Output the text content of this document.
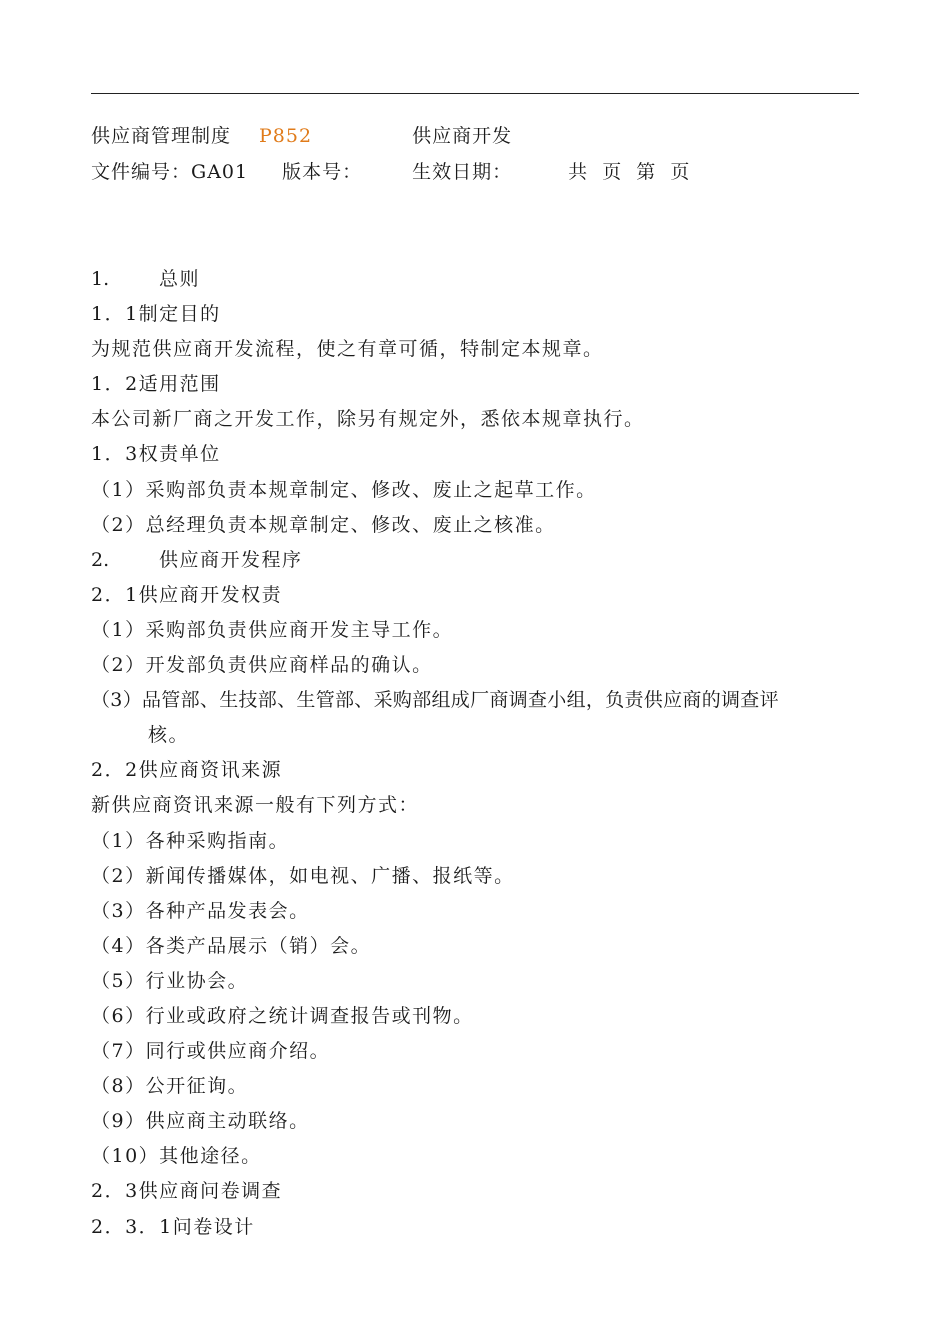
供应商管理制度 P852	供应商开发
文件编号：GA01 版本号：	生效日期：	共  页  第  页
1.	总则
1．1制定目的
为规范供应商开发流程，使之有章可循，特制定本规章。
1．2适用范围
本公司新厂商之开发工作，除另有规定外，悉依本规章执行。
1．3权责单位
（1）采购部负责本规章制定、修改、废止之起草工作。
（2）总经理负责本规章制定、修改、废止之核准。
2.	供应商开发程序
2．1供应商开发权责
（1）采购部负责供应商开发主导工作。
（2）开发部负责供应商样品的确认。
（3）品管部、生技部、生管部、采购部组成厂商调查小组，负责供应商的调查评
核。
2．2供应商资讯来源
新供应商资讯来源一般有下列方式：
（1）各种采购指南。
（2）新闻传播媒体，如电视、广播、报纸等。
（3）各种产品发表会。
（4）各类产品展示（销）会。
（5）行业协会。
（6）行业或政府之统计调查报告或刊物。
（7）同行或供应商介绍。
（8）公开征询。
（9）供应商主动联络。
（10）其他途径。
2．3供应商问卷调查
2．3．1问卷设计
